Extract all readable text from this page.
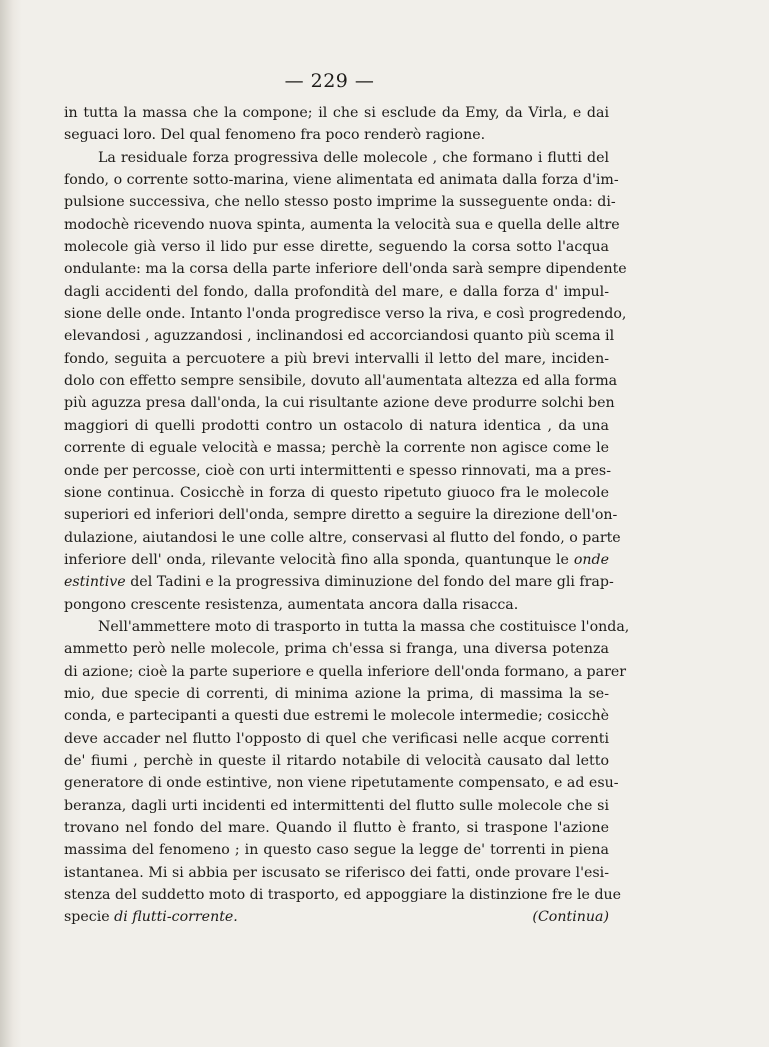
— 229 —
in tutta la massa che la compone; il che si esclude da Emy, da Virla, e dai
seguaci loro. Del qual fenomeno fra poco renderò ragione.
La residuale forza progressiva delle molecole , che formano i flutti del
fondo, o corrente sotto-marina, viene alimentata ed animata dalla forza d'im-
pulsione successiva, che nello stesso posto imprime la susseguente onda: di-
modochè ricevendo nuova spinta, aumenta la velocità sua e quella delle altre
molecole già verso il lido pur esse dirette, seguendo la corsa sotto l'acqua
ondulante: ma la corsa della parte inferiore dell'onda sarà sempre dipendente
dagli accidenti del fondo, dalla profondità del mare, e dalla forza d' impul-
sione delle onde. Intanto l'onda progredisce verso la riva, e così progredendo,
elevandosi , aguzzandosi , inclinandosi ed accorciandosi quanto più scema il
fondo, seguita a percuotere a più brevi intervalli il letto del mare, inciden-
dolo con effetto sempre sensibile, dovuto all'aumentata altezza ed alla forma
più aguzza presa dall'onda, la cui risultante azione deve produrre solchi ben
maggiori di quelli prodotti contro un ostacolo di natura identica , da una
corrente di eguale velocità e massa; perchè la corrente non agisce come le
onde per percosse, cioè con urti intermittenti e spesso rinnovati, ma a pres-
sione continua. Cosicchè in forza di questo ripetuto giuoco fra le molecole
superiori ed inferiori dell'onda, sempre diretto a seguire la direzione dell'on-
dulazione, aiutandosi le une colle altre, conservasi al flutto del fondo, o parte
inferiore dell' onda, rilevante velocità fino alla sponda, quantunque le onde
estintive del Tadini e la progressiva diminuzione del fondo del mare gli frap-
pongono crescente resistenza, aumentata ancora dalla risacca.
Nell'ammettere moto di trasporto in tutta la massa che costituisce l'onda,
ammetto però nelle molecole, prima ch'essa si franga, una diversa potenza
di azione; cioè la parte superiore e quella inferiore dell'onda formano, a parer
mio, due specie di correnti, di minima azione la prima, di massima la se-
conda, e partecipanti a questi due estremi le molecole intermedie; cosicchè
deve accader nel flutto l'opposto di quel che verificasi nelle acque correnti
de' fiumi , perchè in queste il ritardo notabile di velocità causato dal letto
generatore di onde estintive, non viene ripetutamente compensato, e ad esu-
beranza, dagli urti incidenti ed intermittenti del flutto sulle molecole che si
trovano nel fondo del mare. Quando il flutto è franto, si traspone l'azione
massima del fenomeno ; in questo caso segue la legge de' torrenti in piena
istantanea. Mi si abbia per iscusato se riferisco dei fatti, onde provare l'esi-
stenza del suddetto moto di trasporto, ed appoggiare la distinzione fre le due
specie di flutti-corrente.	(Continua)
